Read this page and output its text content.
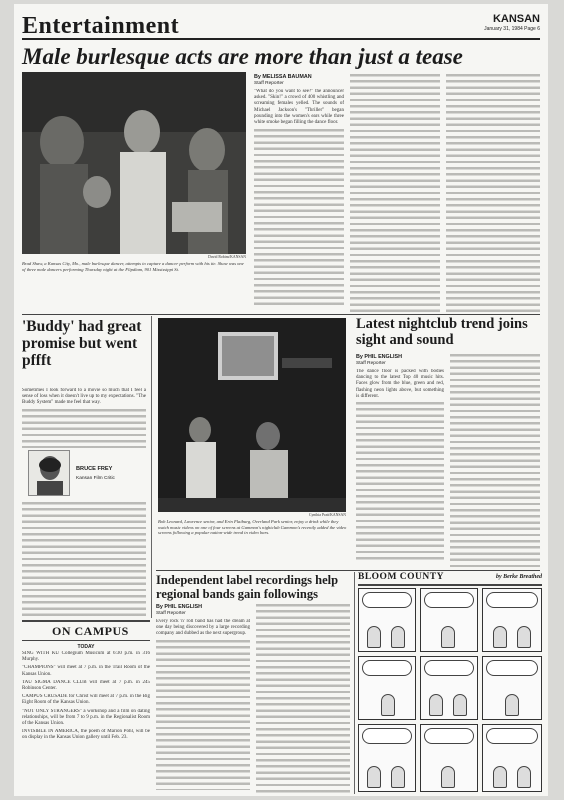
Entertainment	KANSAN
January 31, 1984 Page 6
Male burlesque acts are more than just a tease
David Robins/KANSAN
Brad Shaw, a Kansas City, Mo., male burlesque dancer, attempts to capture a dancer perform with his tie. Shaw was one of three male dancers performing Thursday night at the Flipdiam, 901 Mississippi St.
By MELISSA BAUMAN
Staff Reporter
"What do you want to see?" the announcer asked. "Skin!" a crowd of 400 whistling and screaming females yelled. The sounds of Michael Jackson's "Thriller" began pounding into the women's ears while three white smoke began filling the dance floor.
'Buddy' had great promise but went pffft
Sometimes I look forward to a movie so much that I feel a sense of loss when it doesn't live up to my expectations. "The Buddy System" made me feel that way.
BRUCE FREY
Kansan Film Critic
Cynthia Pratt/KANSAN
Bob Leonard, Lawrence senior, and Erin Flaiburg, Overland Park senior, enjoy a drink while they watch music videos on one of four screens at Gammon's nightclub Gammon's recently added the video screens following a popular nation-wide trend in video bars.
Latest nightclub trend joins sight and sound
By PHIL ENGLISH
Staff Reporter
The dance floor is packed with bodies dancing to the latest Top 40 music hits. Faces glow from the blue, green and red, flashing neon lights above, but something is different.
Independent label recordings help regional bands gain followings
By PHIL ENGLISH
Staff Reporter
Every rock 'n' roll band has had the dream at one day being discovered by a large recording company and dubbed as the next supergroup.
BLOOM COUNTY	by Berke Breathed
ON CAMPUS
TODAY
SING WITH KU Collegium Musicum at 6:30 p.m. in 316 Murphy.
"CHAMPIONS" will meet at 7 p.m. in the Trail Room of the Kansas Union.
TAU SIGMA DANCE CLUB will meet at 7 p.m. in 245 Robinson Center.
CAMPUS CRUSADE for Christ will meet at 7 p.m. in the Big Eight Room of the Kansas Union.
"NOT ONLY STRANGERS" a workshop and a film on dating relationships, will be from 7 to 9 p.m. in the Regionalist Room of the Kansas Union.
INVISIBLE IN AMERICA, the poem of Marion Pohl, will be on display in the Kansas Union gallery until Feb. 23.
